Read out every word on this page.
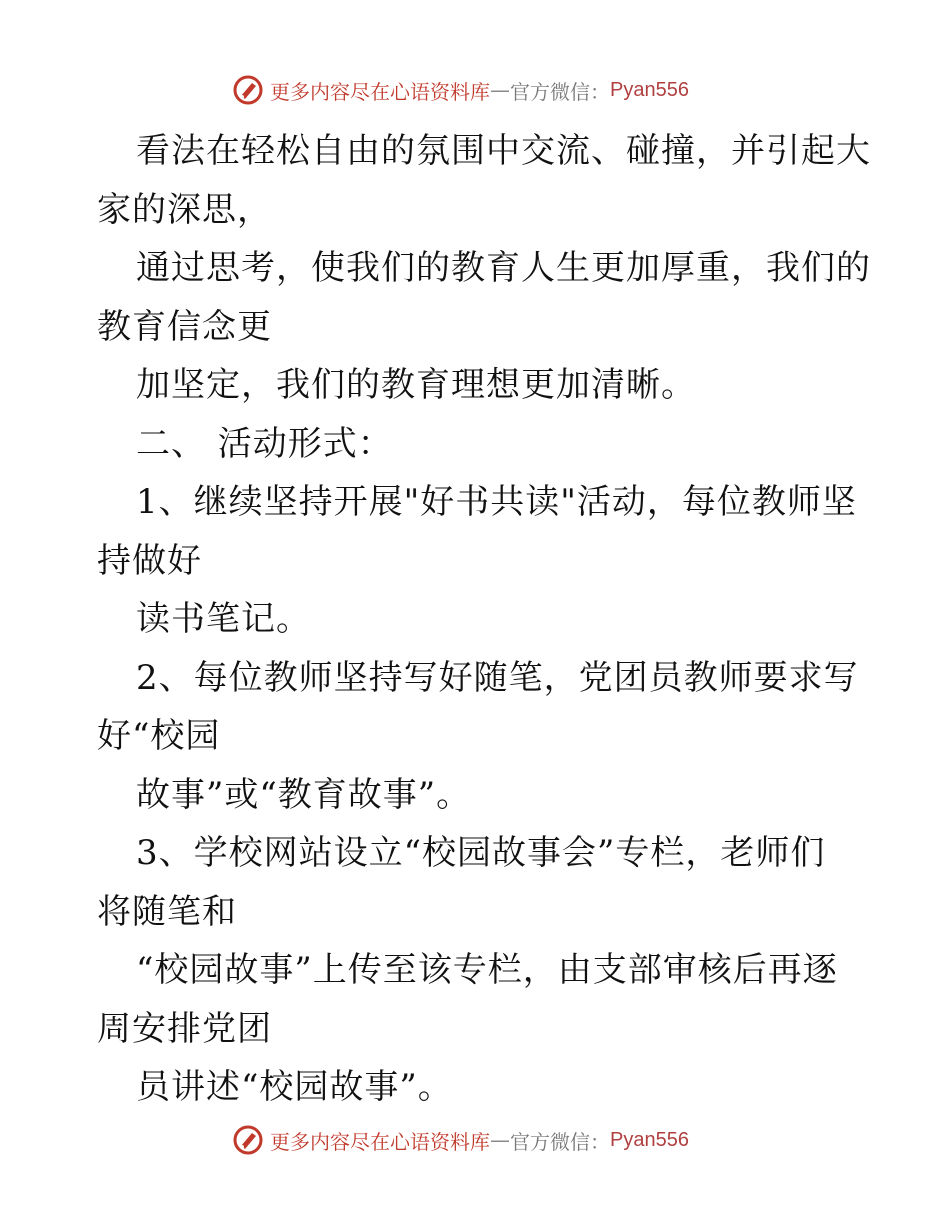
更多内容尽在心语资料库 — 官方微信： Pyan556

看法在轻松自由的氛围中交流、碰撞，并引起大

家的深思，

通过思考，使我们的教育人生更加厚重，我们的

教育信念更

加坚定，我们的教育理想更加清晰。

二、 活动形式：

1、继续坚持开展"好书共读"活动，每位教师坚

持做好

读书笔记。

2、每位教师坚持写好随笔，党团员教师要求写

好“校园

故事”或“教育故事”。

3、学校网站设立“校园故事会”专栏，老师们

将随笔和

“校园故事”上传至该专栏，由支部审核后再逐

周安排党团

员讲述“校园故事”。

更多内容尽在心语资料库 — 官方微信： Pyan556
